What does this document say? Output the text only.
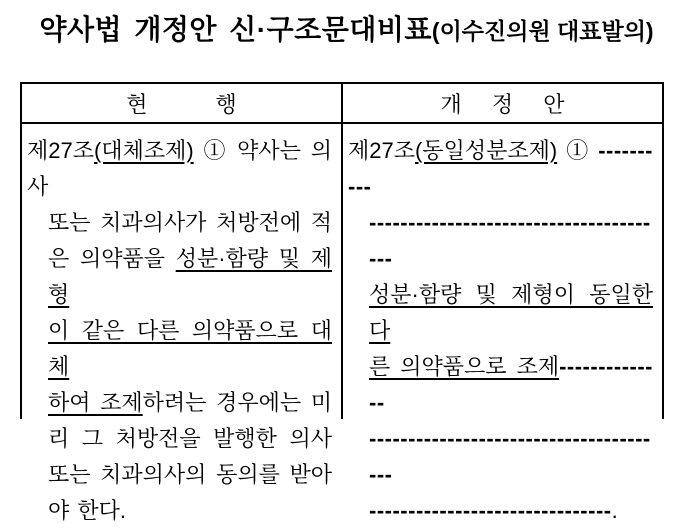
약사법 개정안 신·구조문대비표(이수진의원 대표발의)
현 행	개 정 안
제27조(대체조제) ① 약사는 의사
또는 치과의사가 처방전에 적
은 의약품을 성분·함량 및 제형
이 같은 다른 의약품으로 대체
하여 조제하려는 경우에는 미
리 그 처방전을 발행한 의사
또는 치과의사의 동의를 받아
야 한다.
제27조(동일성분조제) ① ----------
---------------------------------------
성분·함량 및 제형이 동일한 다
른 의약품으로 조제--------------
---------------------------------------
-------------------------------.
